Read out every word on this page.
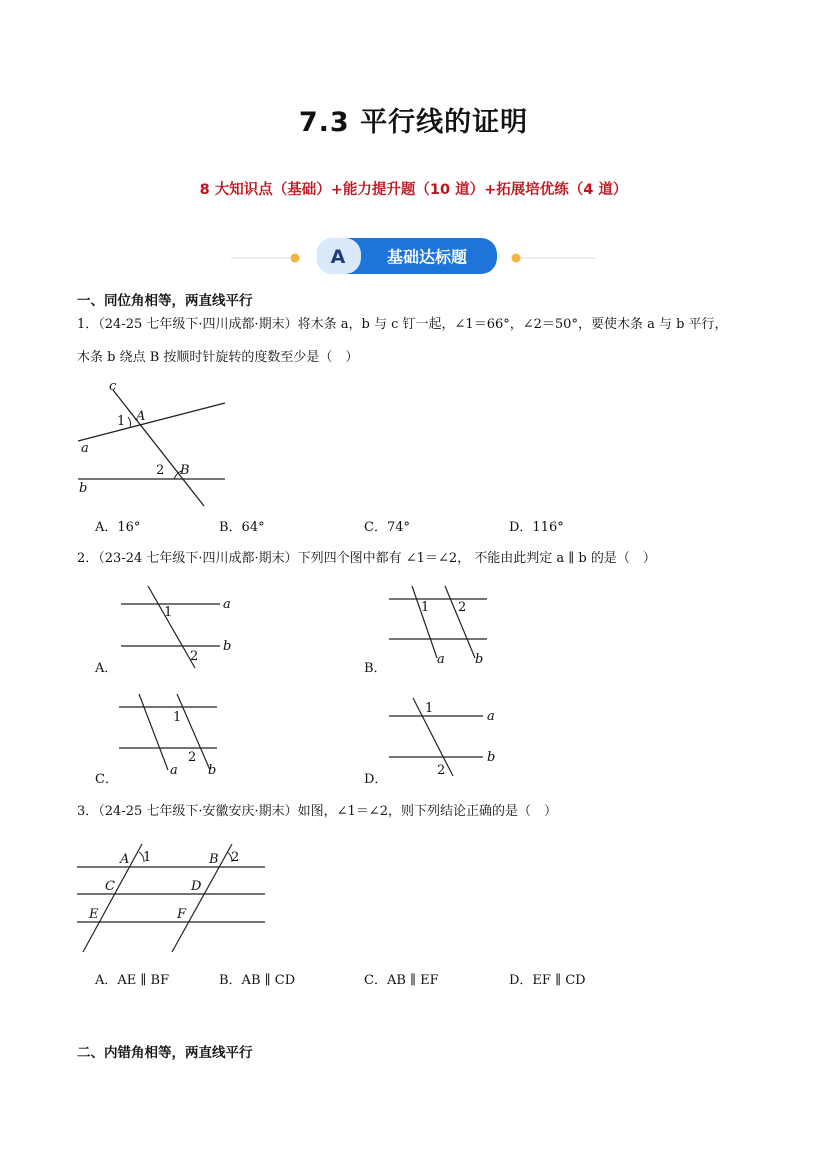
7.3 平行线的证明
8 大知识点（基础）+能力提升题（10 道）+拓展培优练（4 道）
A	基础达标题
一、同位角相等，两直线平行
1．（24-25 七年级下·四川成都·期末）将木条 a，b 与 c 钉一起，∠1＝66°，∠2＝50°，要使木条 a 与 b 平行，
木条 b 绕点 B 按顺时针旋转的度数至少是（　）
c
a
b
A
B
1
2
A．16°	B．64°	C．74°	D．116°
2．（23-24 七年级下·四川成都·期末）下列四个图中都有 ∠1＝∠2， 不能由此判定 a ∥ b 的是（　）
a
b
1
2
A．
1 2
a b
B．
1
2
a b
C．
a
b
1
2
D．
3．（24-25 七年级下·安徽安庆·期末）如图，∠1＝∠2，则下列结论正确的是（　）
A 1	B 2
C	D
E	F
A．AE ∥ BF	B．AB ∥ CD	C．AB ∥ EF	D．EF ∥ CD
二、内错角相等，两直线平行
